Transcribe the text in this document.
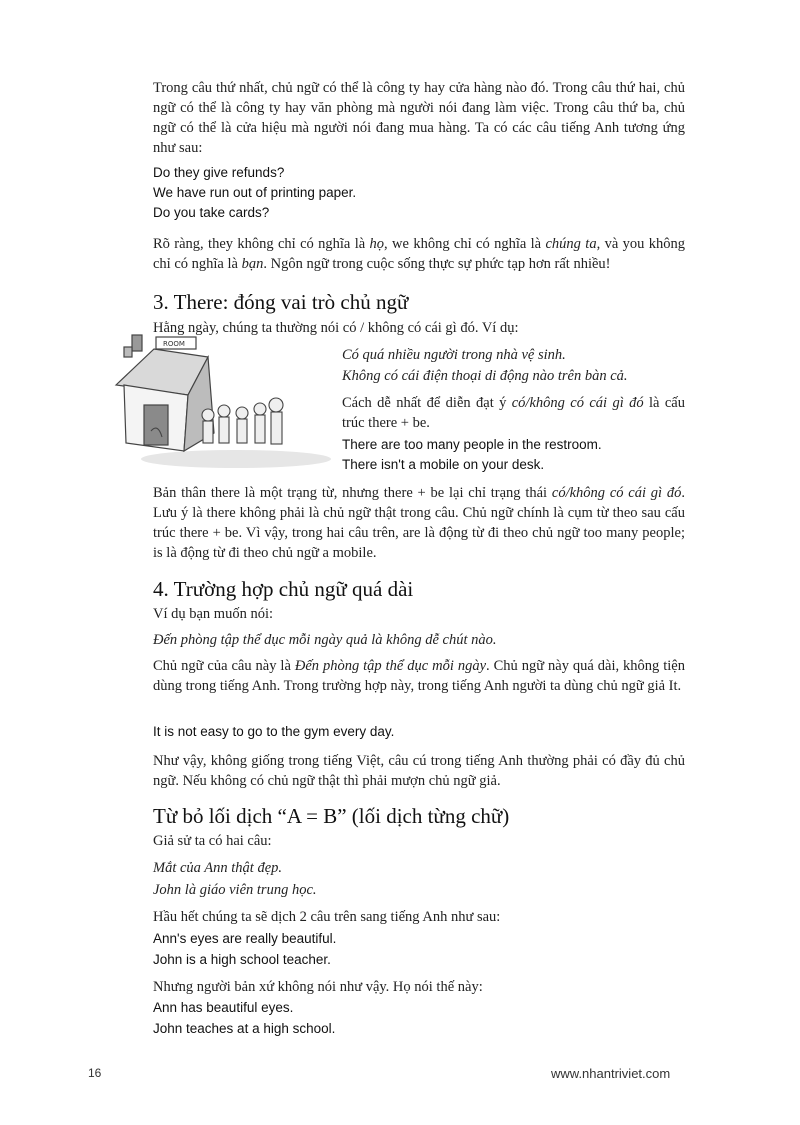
Trong câu thứ nhất, chủ ngữ có thể là công ty hay cửa hàng nào đó. Trong câu thứ hai, chủ ngữ có thể là công ty hay văn phòng mà người nói đang làm việc. Trong câu thứ ba, chủ ngữ có thể là cửa hiệu mà người nói đang mua hàng. Ta có các câu tiếng Anh tương ứng như sau:

Do they give refunds?

We have run out of printing paper.

Do you take cards?

Rõ ràng, they không chỉ có nghĩa là họ, we không chỉ có nghĩa là chúng ta, và you không chỉ có nghĩa là bạn. Ngôn ngữ trong cuộc sống thực sự phức tạp hơn rất nhiều!

3. There: đóng vai trò chủ ngữ

Hằng ngày, chúng ta thường nói có / không có cái gì đó. Ví dụ:

ROOM

Có quá nhiều người trong nhà vệ sinh.

Không có cái điện thoại di động nào trên bàn cả.

Cách dễ nhất để diễn đạt ý có/không có cái gì đó là cấu trúc there + be.

There are too many people in the restroom.

There isn't a mobile on your desk.

Bản thân there là một trạng từ, nhưng there + be lại chỉ trạng thái có/không có cái gì đó. Lưu ý là there không phải là chủ ngữ thật trong câu. Chủ ngữ chính là cụm từ theo sau cấu trúc there + be. Vì vậy, trong hai câu trên, are là động từ đi theo chủ ngữ too many people; is là động từ đi theo chủ ngữ a mobile.

4. Trường hợp chủ ngữ quá dài

Ví dụ bạn muốn nói:

Đến phòng tập thể dục mỗi ngày quả là không dễ chút nào.

Chủ ngữ của câu này là Đến phòng tập thể dục mỗi ngày. Chủ ngữ này quá dài, không tiện dùng trong tiếng Anh. Trong trường hợp này, trong tiếng Anh người ta dùng chủ ngữ giả It.

It is not easy to go to the gym every day.

Như vậy, không giống trong tiếng Việt, câu cú trong tiếng Anh thường phải có đầy đủ chủ ngữ. Nếu không có chủ ngữ thật thì phải mượn chủ ngữ giả.

Từ bỏ lối dịch “A = B” (lối dịch từng chữ)

Giả sử ta có hai câu:

Mắt của Ann thật đẹp.

John là giáo viên trung học.

Hầu hết chúng ta sẽ dịch 2 câu trên sang tiếng Anh như sau:

Ann's eyes are really beautiful.

John is a high school teacher.

Nhưng người bản xứ không nói như vậy. Họ nói thế này:

Ann has beautiful eyes.

John teaches at a high school.

16	www.nhantriviet.com
